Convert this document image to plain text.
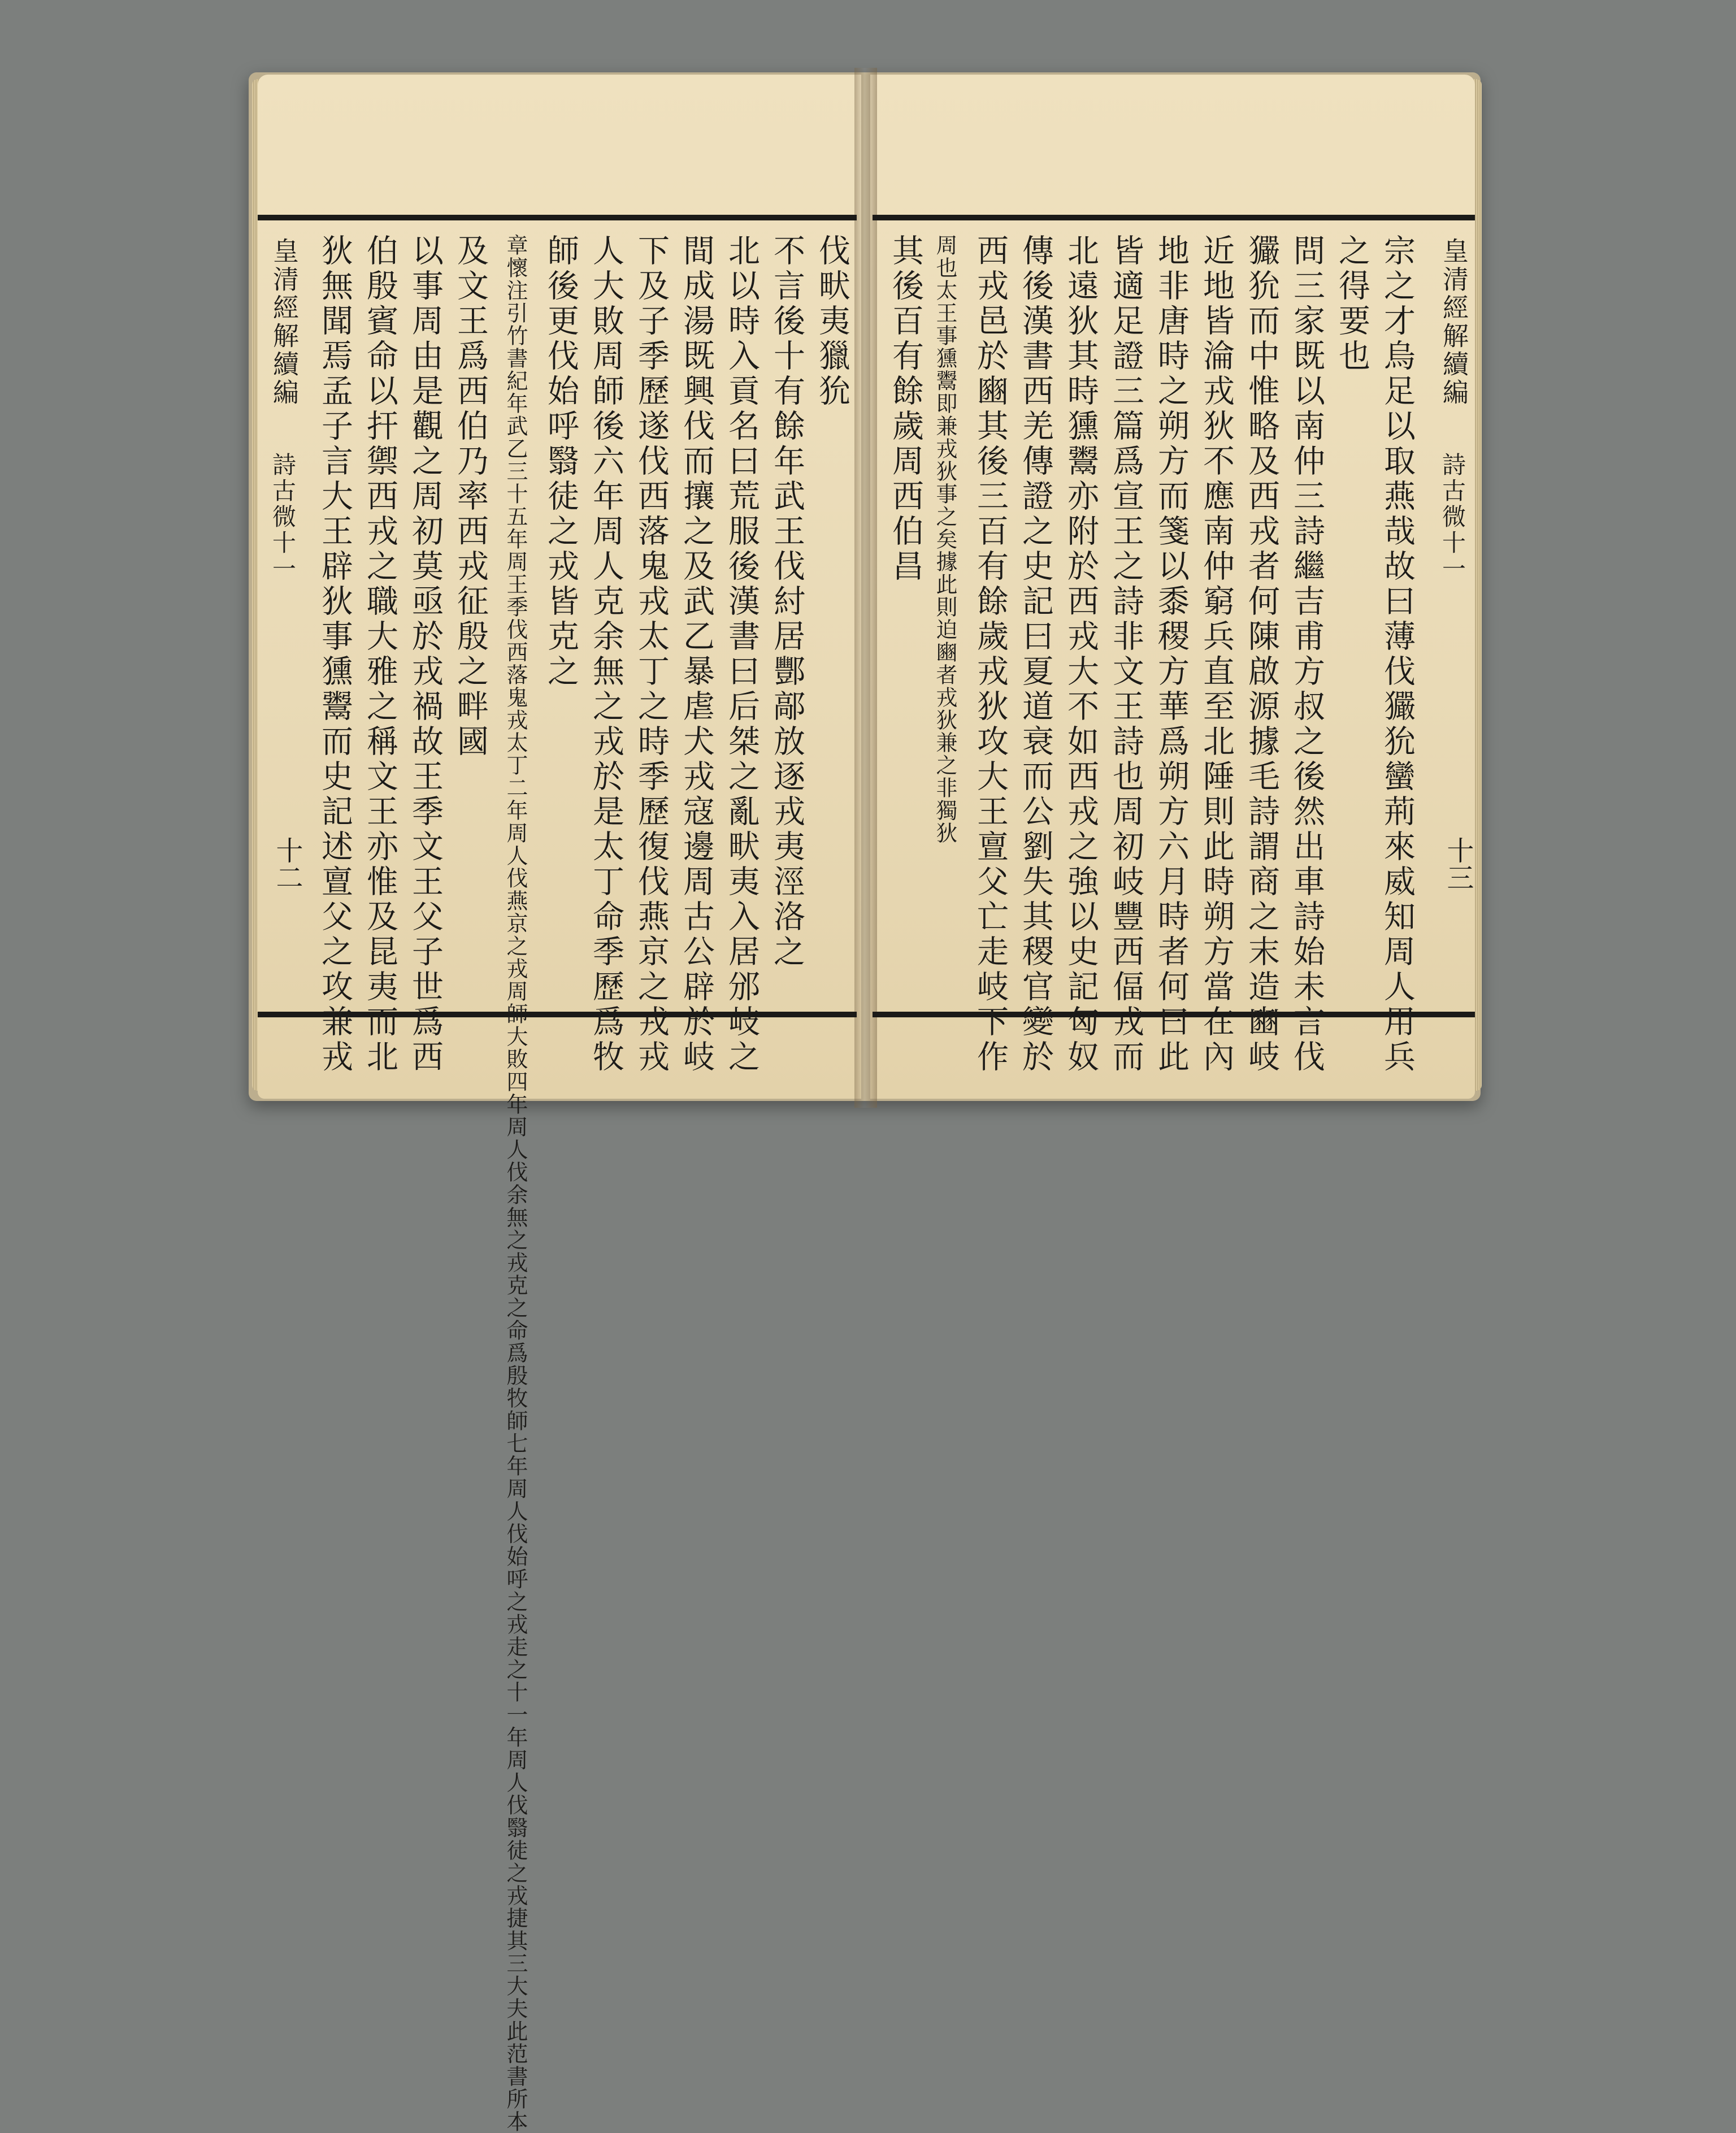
皇清經解續編
詩古微十一
十二
伐畎夷獵狁
不言後十有餘年武王伐紂居酆鄗放逐戎夷涇洛之
北以時入貢名曰荒服後漢書曰后桀之亂畎夷入居邠岐之
間成湯既興伐而攘之及武乙暴虐犬戎寇邊周古公辟於岐
下及子季歷遂伐西落鬼戎太丁之時季歷復伐燕京之戎戎
人大敗周師後六年周人克余無之戎於是太丁命季歷爲牧
師後更伐始呼翳徒之戎皆克之
章懷注引竹書紀年武乙三十五年周王季伐西落鬼戎太丁二年周人伐燕京之戎周師大敗四年周人伐余無之戎克之命爲殷牧師七年周人伐始呼之戎走之十一年周人伐翳徒之戎捷其三大夫此范書所本
及文王爲西伯乃率西戎征殷之畔國
以事周由是觀之周初莫亟於戎禍故王季文王父子世爲西
伯殷賓命以扞禦西戎之職大雅之稱文王亦惟及昆夷而北
狄無聞焉孟子言大王辟狄事獯鬻而史記述亶父之攻兼戎	宗之才烏足以取燕哉故曰薄伐玁狁蠻荊來威知周人用兵
之得要也
問三家既以南仲三詩繼吉甫方叔之後然出車詩始未言伐
玁狁而中惟略及西戎者何陳啟源據毛詩謂商之末造豳岐
近地皆淪戎狄不應南仲窮兵直至北陲則此時朔方當在內
地非唐時之朔方而箋以黍稷方華爲朔方六月時者何曰此
皆適足證三篇爲宣王之詩非文王詩也周初岐豐西偪戎而
北遠狄其時獯鬻亦附於西戎大不如西戎之強以史記匈奴
傳後漢書西羌傳證之史記曰夏道衰而公劉失其稷官變於
西戎邑於豳其後三百有餘歲戎狄攻大王亶父亡走岐下作
周也太王事獯鬻即兼戎狄事之矣據此則迫豳者戎狄兼之非獨狄
其後百有餘歲周西伯昌	皇清經解續編
詩古微十一
十三
